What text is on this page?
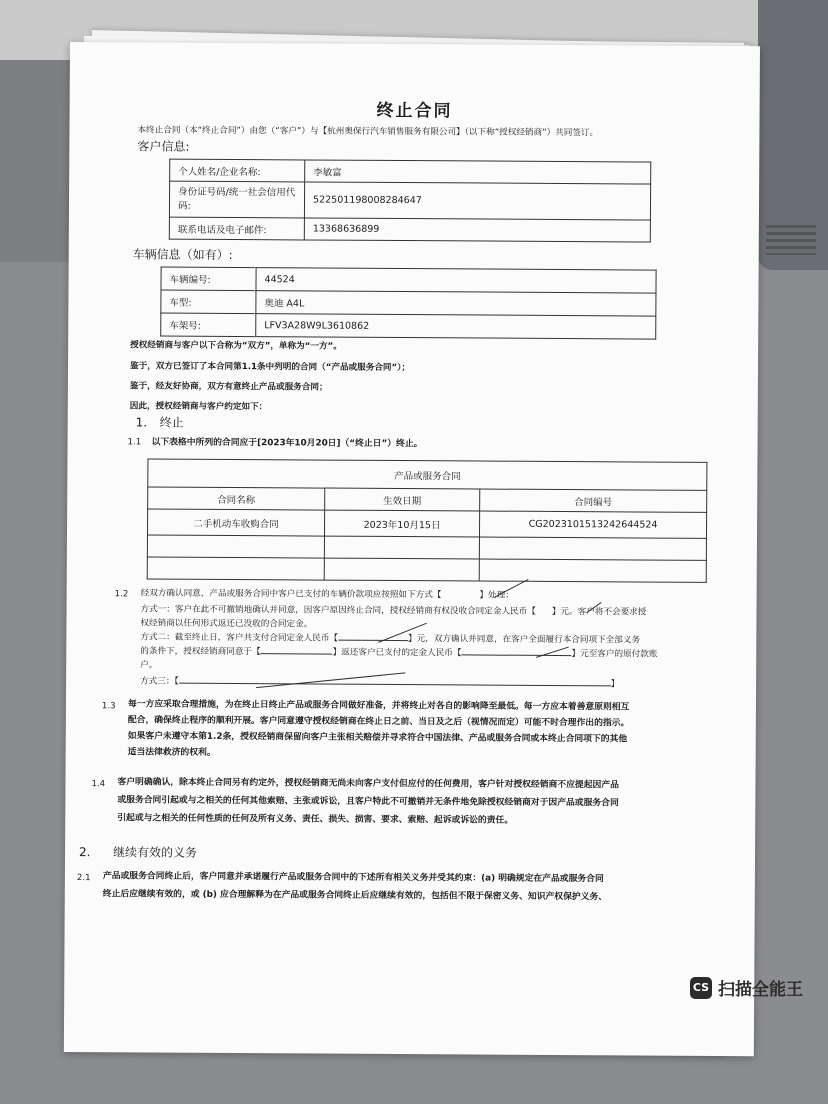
终止合同
本终止合同（本“终止合同”）由您（“客户”）与【杭州奥保行汽车销售服务有限公司】（以下称“授权经销商”）共同签订。
客户信息:
个人姓名/企业名称:	李敏富
身份证号码/统一社会信用代码:	522501198008284647
联系电话及电子邮件:	13368636899
车辆信息（如有）:
车辆编号:	44524
车型:	奥迪 A4L
车架号:	LFV3A28W9L3610862
授权经销商与客户以下合称为“双方”，单称为“一方”。
鉴于，双方已签订了本合同第1.1条中列明的合同（“产品或服务合同”）；
鉴于，经友好协商，双方有意终止产品或服务合同；
因此，授权经销商与客户约定如下：
1. 终止
1.1 以下表格中所列的合同应于[2023年10月20日]（“终止日”）终止。
产品或服务合同		
合同名称	生效日期	合同编号
二手机动车收购合同	2023年10月15日	CG2023101513242644524

1.2 经双方确认同意，产品或服务合同中客户已支付的车辆价款项应按照如下方式【	】处理：
方式一：客户在此不可撤销地确认并同意，因客户原因终止合同，授权经销商有权没收合同定金人民币【 】元。客户将不会要求授
权经销商以任何形式返还已没收的合同定金。
方式二：截至终止日，客户共支付合同定金人民币【	】元，双方确认并同意，在客户全面履行本合同项下全部义务
的条件下，授权经销商同意于【	】返还客户已支付的定金人民币【	】元至客户的原付款账
户。
方式三：【	】
1.3 每一方应采取合理措施，为在终止日终止产品或服务合同做好准备，并将终止对各自的影响降至最低。每一方应本着善意原则相互
配合，确保终止程序的顺利开展。客户同意遵守授权经销商在终止日之前、当日及之后（视情况而定）可能不时合理作出的指示。
如果客户未遵守本第1.2条，授权经销商保留向客户主张相关赔偿并寻求符合中国法律、产品或服务合同或本终止合同项下的其他
适当法律救济的权利。
1.4 客户明确确认，除本终止合同另有约定外，授权经销商无尚未向客户支付但应付的任何费用，客户针对授权经销商不应提起因产品
或服务合同引起或与之相关的任何其他索赔、主张或诉讼，且客户特此不可撤销并无条件地免除授权经销商对于因产品或服务合同
引起或与之相关的任何性质的任何及所有义务、责任、损失、损害、要求、索赔、起诉或诉讼的责任。
2. 继续有效的义务
2.1 产品或服务合同终止后，客户同意并承诺履行产品或服务合同中的下述所有相关义务并受其约束：(a) 明确规定在产品或服务合同
终止后应继续有效的，或 (b) 应合理解释为在产品或服务合同终止后应继续有效的，包括但不限于保密义务、知识产权保护义务、
CS 扫描全能王
